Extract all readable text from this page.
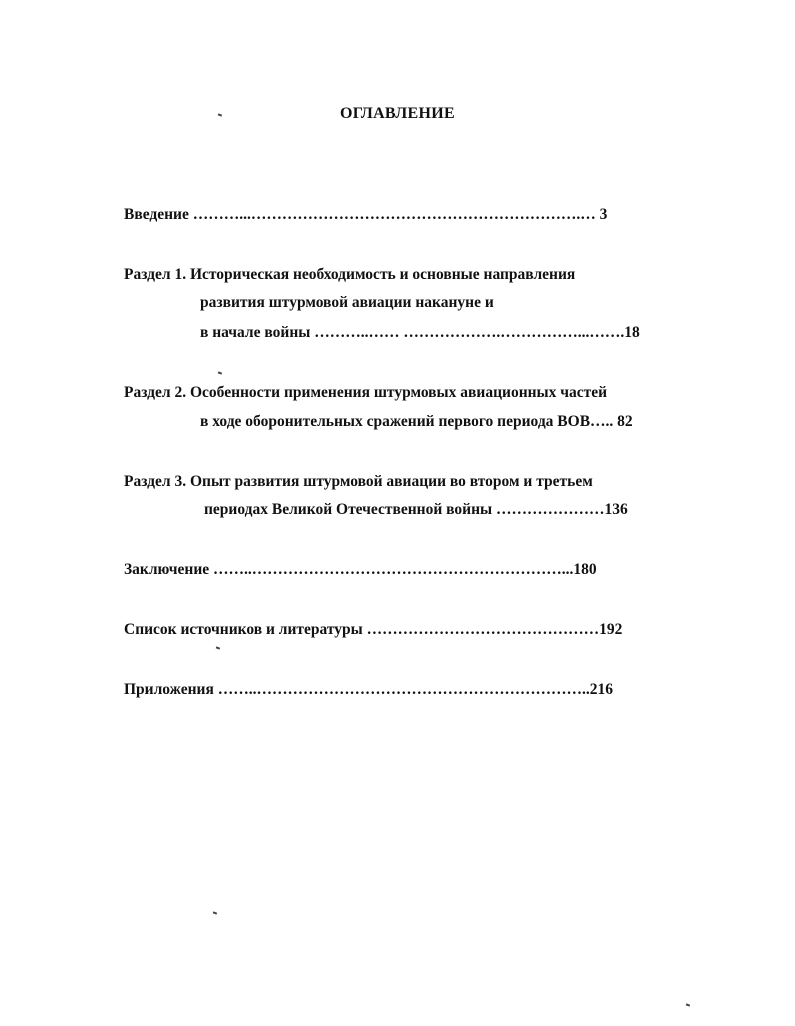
ОГЛАВЛЕНИЕ
Введение ………...……………………………………………………….… 3
Раздел 1. Историческая необходимость и основные направления
развития штурмовой авиации накануне и
в начале войны ………..…… ……………….……………...…….18
Раздел 2. Особенности применения штурмовых авиационных частей
в ходе оборонительных сражений первого периода ВОВ….. 82
Раздел 3. Опыт развития штурмовой авиации во втором и третьем
периодах Великой Отечественной войны …………………136
Заключение ……..……………………………………………………...180
Список источников и литературы ………………………………………192
Приложения ……..………………………………………………………..216
